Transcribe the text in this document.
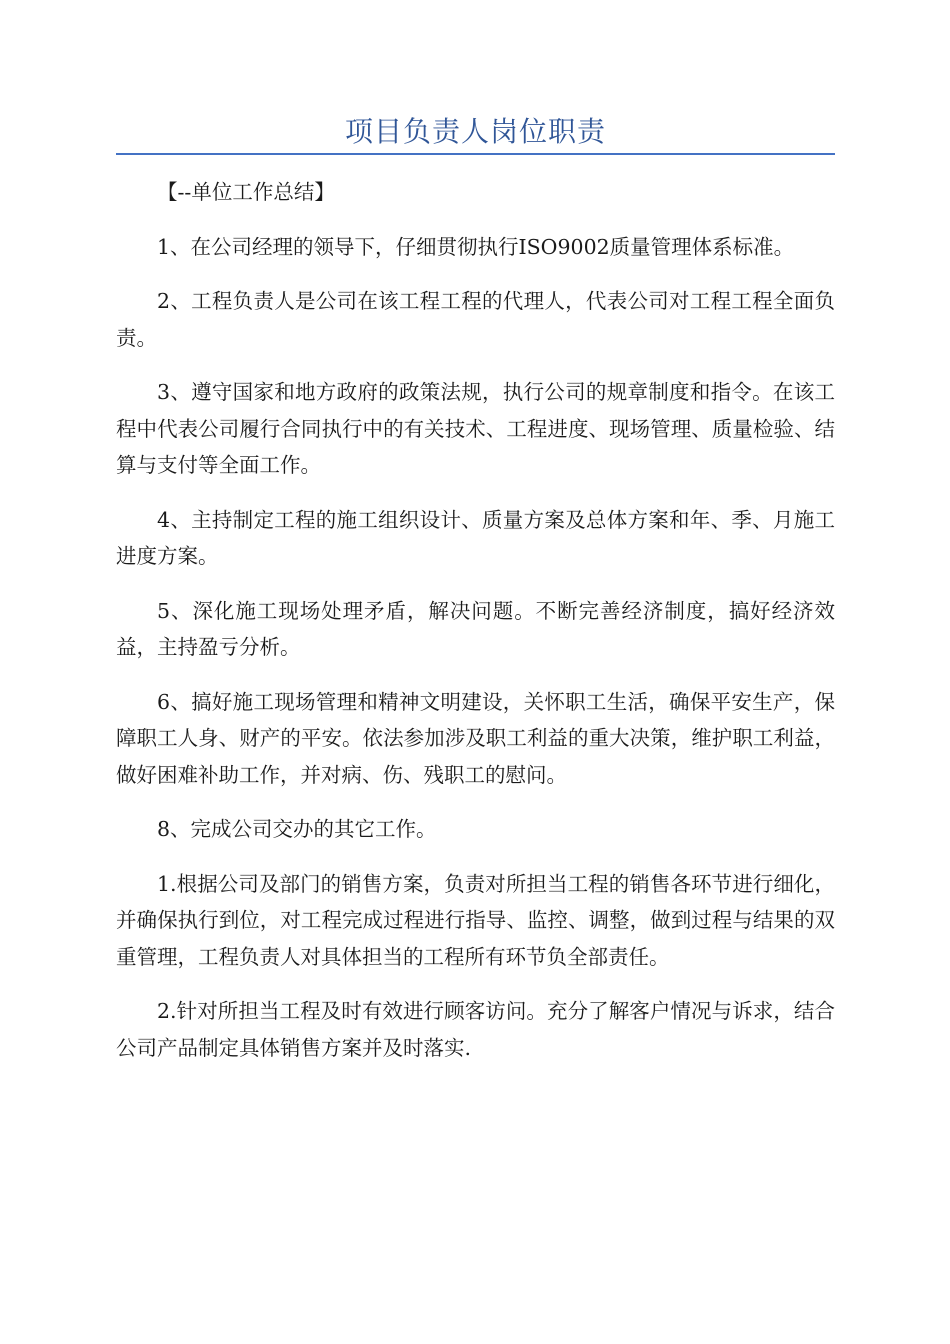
项目负责人岗位职责

【--单位工作总结】

1、在公司经理的领导下，仔细贯彻执行ISO9002质量管理体系标准。

2、工程负责人是公司在该工程工程的代理人，代表公司对工程工程全面负责。

3、遵守国家和地方政府的政策法规，执行公司的规章制度和指令。在该工程中代表公司履行合同执行中的有关技术、工程进度、现场管理、质量检验、结算与支付等全面工作。

4、主持制定工程的施工组织设计、质量方案及总体方案和年、季、月施工进度方案。

5、深化施工现场处理矛盾，解决问题。不断完善经济制度，搞好经济效益，主持盈亏分析。

6、搞好施工现场管理和精神文明建设，关怀职工生活，确保平安生产，保障职工人身、财产的平安。依法参加涉及职工利益的重大决策，维护职工利益，做好困难补助工作，并对病、伤、残职工的慰问。

8、完成公司交办的其它工作。

1.根据公司及部门的销售方案，负责对所担当工程的销售各环节进行细化，并确保执行到位，对工程完成过程进行指导、监控、调整，做到过程与结果的双重管理，工程负责人对具体担当的工程所有环节负全部责任。

2.针对所担当工程及时有效进行顾客访问。充分了解客户情况与诉求，结合公司产品制定具体销售方案并及时落实.
